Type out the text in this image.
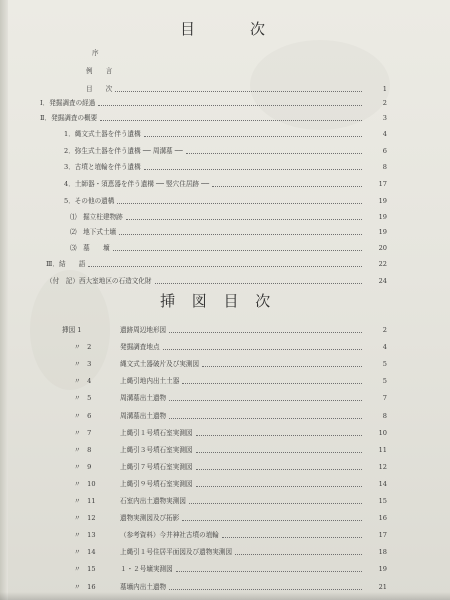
目　次
序
例　　言
目　　次	1
Ⅰ．発掘調査の経過	2
Ⅱ．発掘調査の概要	3
1．縄文式土器を伴う遺構	4
2．弥生式土器を伴う遺構 ── 周溝墓 ──	6
3．古墳と埴輪を伴う遺構	8
4．土師器・須恵器を伴う遺構 ── 竪穴住居跡 ──	17
5．その他の遺構	19
⑴　掘立柱建物跡	19
⑵　地下式土壙	19
⑶　墓　　壙	20
Ⅲ．結　　語	22
（付　記）西大室地区の石造文化財	24
挿 図 目 次
挿図 1	遺跡周辺地形図	2
〃　2	発掘調査地点	4
〃　3	縄文式土器破片及び実測図	5
〃　4	上縄引地内出土土器	5
〃　5	周溝墓出土遺物	7
〃　6	周溝墓出土遺物	8
〃　7	上縄引１号墳石室実測図	10
〃　8	上縄引３号墳石室実測図	11
〃　9	上縄引７号墳石室実測図	12
〃　10	上縄引９号墳石室実測図	14
〃　11	石室内出土遺物実測図	15
〃　12	遺物実測図及び拓影	16
〃　13	（参考資料）今井神社古墳の埴輪	17
〃　14	上縄引１号住居平面図及び遺物実測図	18
〃　15	１・２号壙実測図	19
〃　16	墓壙内出土遺物	21
